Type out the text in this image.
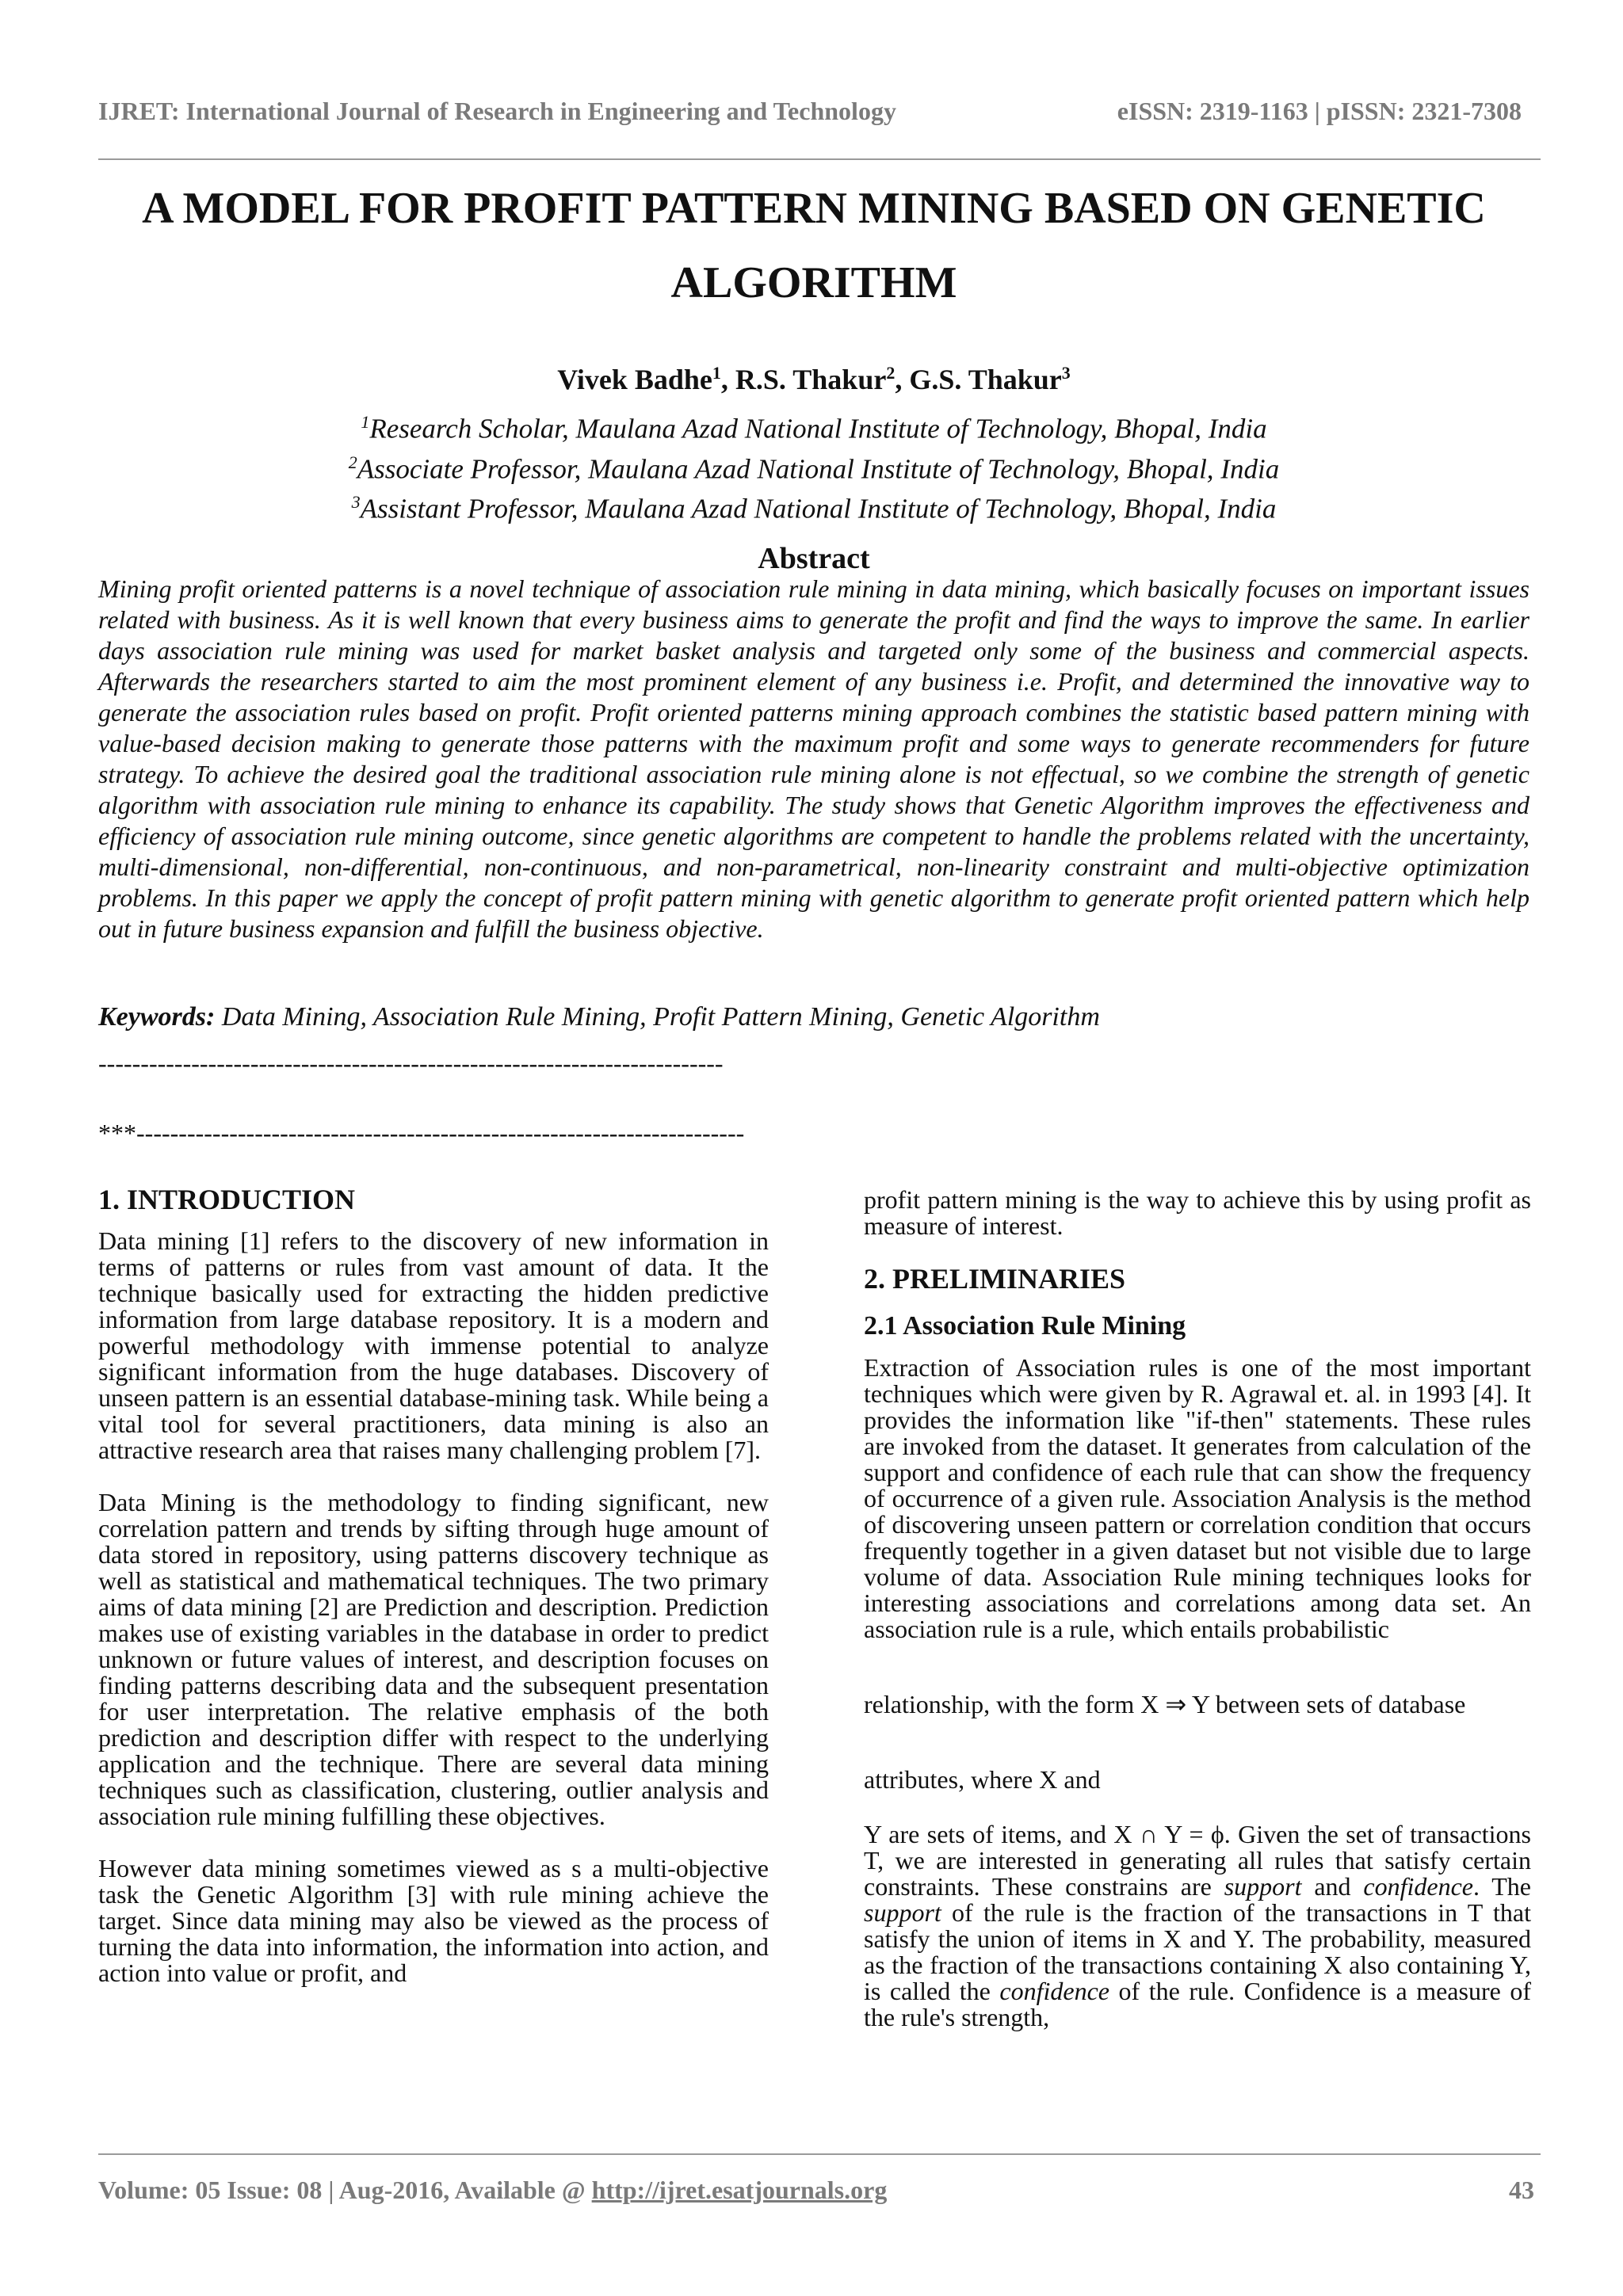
IJRET: International Journal of Research in Engineering and Technology	eISSN: 2319-1163 | pISSN: 2321-7308
A MODEL FOR PROFIT PATTERN MINING BASED ON GENETIC
ALGORITHM
Vivek Badhe$^1$, R.S. Thakur$^2$, G.S. Thakur$^3$
$^1$Research Scholar, Maulana Azad National Institute of Technology, Bhopal, India
$^2$Associate Professor, Maulana Azad National Institute of Technology, Bhopal, India
$^3$Assistant Professor, Maulana Azad National Institute of Technology, Bhopal, India
Abstract
Mining profit oriented patterns is a novel technique of association rule mining in data mining, which basically focuses on important issues related with business. As it is well known that every business aims to generate the profit and find the ways to improve the same. In earlier days association rule mining was used for market basket analysis and targeted only some of the business and commercial aspects. Afterwards the researchers started to aim the most prominent element of any business i.e. Profit, and determined the innovative way to generate the association rules based on profit. Profit oriented patterns mining approach combines the statistic based pattern mining with value-based decision making to generate those patterns with the maximum profit and some ways to generate recommenders for future strategy. To achieve the desired goal the traditional association rule mining alone is not effectual, so we combine the strength of genetic algorithm with association rule mining to enhance its capability. The study shows that Genetic Algorithm improves the effectiveness and efficiency of association rule mining outcome, since genetic algorithms are competent to handle the problems related with the uncertainty, multi-dimensional, non-differential, non-continuous, and non-parametrical, non-linearity constraint and multi-objective optimization problems. In this paper we apply the concept of profit pattern mining with genetic algorithm to generate profit oriented pattern which help out in future business expansion and fulfill the business objective.
Keywords: Data Mining, Association Rule Mining, Profit Pattern Mining, Genetic Algorithm
--------------------------------------------------------------------------
***------------------------------------------------------------------------
1. INTRODUCTION

Data mining [1] refers to the discovery of new information in terms of patterns or rules from vast amount of data. It the technique basically used for extracting the hidden predictive information from large database repository. It is a modern and powerful methodology with immense potential to analyze significant information from the huge databases. Discovery of unseen pattern is an essential database-mining task. While being a vital tool for several practitioners, data mining is also an attractive research area that raises many challenging problem [7].

Data Mining is the methodology to finding significant, new correlation pattern and trends by sifting through huge amount of data stored in repository, using patterns discovery technique as well as statistical and mathematical techniques. The two primary aims of data mining [2] are Prediction and description. Prediction makes use of existing variables in the database in order to predict unknown or future values of interest, and description focuses on finding patterns describing data and the subsequent presentation for user interpretation. The relative emphasis of the both prediction and description differ with respect to the underlying application and the technique. There are several data mining techniques such as classification, clustering, outlier analysis and association rule mining fulfilling these objectives.

However data mining sometimes viewed as s a multi-objective task the Genetic Algorithm [3] with rule mining achieve the target. Since data mining may also be viewed as the process of turning the data into information, the information into action, and action into value or profit, and

profit pattern mining is the way to achieve this by using profit as measure of interest.

2. PRELIMINARIES
2.1 Association Rule Mining

Extraction of Association rules is one of the most important techniques which were given by R. Agrawal et. al. in 1993 [4]. It provides the information like "if-then" statements. These rules are invoked from the dataset. It generates from calculation of the support and confidence of each rule that can show the frequency of occurrence of a given rule. Association Analysis is the method of discovering unseen pattern or correlation condition that occurs frequently together in a given dataset but not visible due to large volume of data. Association Rule mining techniques looks for interesting associations and correlations among data set. An association rule is a rule, which entails probabilistic

relationship, with the form X ⇒ Y between sets of database

attributes, where X and

Y are sets of items, and X ∩ Y = ϕ. Given the set of transactions T, we are interested in generating all rules that satisfy certain constraints. These constrains are support and confidence. The support of the rule is the fraction of the transactions in T that satisfy the union of items in X and Y. The probability, measured as the fraction of the transactions containing X also containing Y, is called the confidence of the rule. Confidence is a measure of the rule's strength,

Volume: 05 Issue: 08 | Aug-2016, Available @ http://ijret.esatjournals.org	43
